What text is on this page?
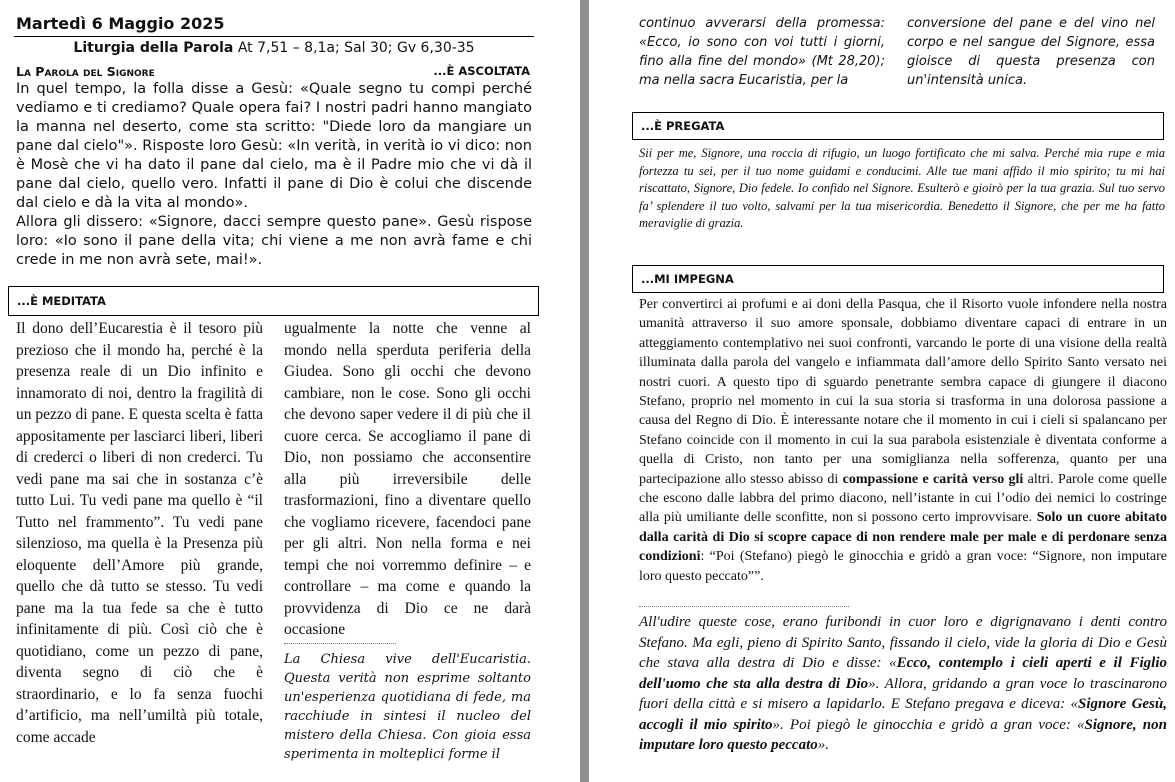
Martedì 6 Maggio 2025
Liturgia della Parola At 7,51 – 8,1a; Sal 30; Gv 6,30-35
La Parola del Signore	...È ASCOLTATA

In quel tempo, la folla disse a Gesù: «Quale segno tu compi perché vediamo e ti crediamo? Quale opera fai? I nostri padri hanno mangiato la manna nel deserto, come sta scritto: "Diede loro da mangiare un pane dal cielo"». Risposte loro Gesù: «In verità, in verità io vi dico: non è Mosè che vi ha dato il pane dal cielo, ma è il Padre mio che vi dà il pane dal cielo, quello vero. Infatti il pane di Dio è colui che discende dal cielo e dà la vita al mondo».

Allora gli dissero: «Signore, dacci sempre questo pane». Gesù rispose loro: «Io sono il pane della vita; chi viene a me non avrà fame e chi crede in me non avrà sete, mai!».

...È MEDITATA
Il dono dell’Eucarestia è il tesoro più prezioso che il mondo ha, perché è la presenza reale di un Dio infinito e innamorato di noi, dentro la fragilità di un pezzo di pane. E questa scelta è fatta appositamente per lasciarci liberi, liberi di crederci o liberi di non crederci. Tu vedi pane ma sai che in sostanza c’è tutto Lui. Tu vedi pane ma quello è “il Tutto nel frammento”. Tu vedi pane silenzioso, ma quella è la Presenza più eloquente dell’Amore più grande, quello che dà tutto se stesso. Tu vedi pane ma la tua fede sa che è tutto infinitamente di più. Così ciò che è quotidiano, come un pezzo di pane, diventa segno di ciò che è straordinario, e lo fa senza fuochi d’artificio, ma nell’umiltà più totale, come accade
ugualmente la notte che venne al mondo nella sperduta periferia della Giudea. Sono gli occhi che devono cambiare, non le cose. Sono gli occhi che devono saper vedere il di più che il cuore cerca. Se accogliamo il pane di Dio, non possiamo che acconsentire alla più irreversibile delle trasformazioni, fino a diventare quello che vogliamo ricevere, facendoci pane per gli altri. Non nella forma e nei tempi che noi vorremmo definire – e controllare – ma come e quando la provvidenza di Dio ce ne darà occasione
La Chiesa vive dell'Eucaristia. Questa verità non esprime soltanto un'esperienza quotidiana di fede, ma racchiude in sintesi il nucleo del mistero della Chiesa. Con gioia essa sperimenta in molteplici forme il
continuo avverarsi della promessa: «Ecco, io sono con voi tutti i giorni, fino alla fine del mondo» (Mt 28,20); ma nella sacra Eucaristia, per la
conversione del pane e del vino nel corpo e nel sangue del Signore, essa gioisce di questa presenza con un'intensità unica.
...È PREGATA
Sii per me, Signore, una roccia di rifugio, un luogo fortificato che mi salva. Perché mia rupe e mia fortezza tu sei, per il tuo nome guidami e conducimi. Alle tue mani affido il mio spirito; tu mi hai riscattato, Signore, Dio fedele. Io confido nel Signore. Esulterò e gioirò per la tua grazia. Sul tuo servo fa’ splendere il tuo volto, salvami per la tua misericordia. Benedetto il Signore, che per me ha fatto meraviglie di grazia.
...MI IMPEGNA
Per convertirci ai profumi e ai doni della Pasqua, che il Risorto vuole infondere nella nostra umanità attraverso il suo amore sponsale, dobbiamo diventare capaci di entrare in un atteggiamento contemplativo nei suoi confronti, varcando le porte di una visione della realtà illuminata dalla parola del vangelo e infiammata dall’amore dello Spirito Santo versato nei nostri cuori. A questo tipo di sguardo penetrante sembra capace di giungere il diacono Stefano, proprio nel momento in cui la sua storia si trasforma in una dolorosa passione a causa del Regno di Dio. È interessante notare che il momento in cui i cieli si spalancano per Stefano coincide con il momento in cui la sua parabola esistenziale è diventata conforme a quella di Cristo, non tanto per una somiglianza nella sofferenza, quanto per una partecipazione allo stesso abisso di compassione e carità verso gli altri. Parole come quelle che escono dalle labbra del primo diacono, nell’istante in cui l’odio dei nemici lo costringe alla più umiliante delle sconfitte, non si possono certo improvvisare. Solo un cuore abitato dalla carità di Dio si scopre capace di non rendere male per male e di perdonare senza condizioni: “Poi (Stefano) piegò le ginocchia e gridò a gran voce: “Signore, non imputare loro questo peccato””.
All'udire queste cose, erano furibondi in cuor loro e digrignavano i denti contro Stefano. Ma egli, pieno di Spirito Santo, fissando il cielo, vide la gloria di Dio e Gesù che stava alla destra di Dio e disse: «Ecco, contemplo i cieli aperti e il Figlio dell'uomo che sta alla destra di Dio». Allora, gridando a gran voce lo trascinarono fuori della città e si misero a lapidarlo. E Stefano pregava e diceva: «Signore Gesù, accogli il mio spirito». Poi piegò le ginocchia e gridò a gran voce: «Signore, non imputare loro questo peccato».
